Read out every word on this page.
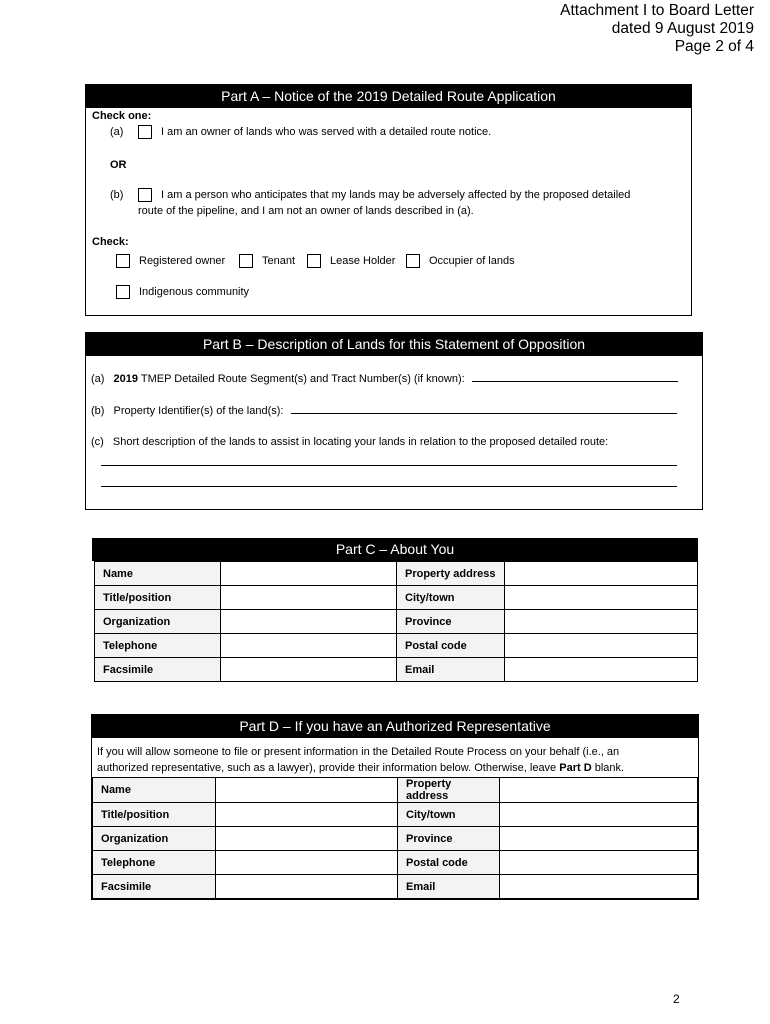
Attachment I to Board Letter
dated 9 August 2019
Page 2 of 4
Part A – Notice of the 2019 Detailed Route Application
Check one:
(a)	I am an owner of lands who was served with a detailed route notice.
OR
(b)	I am a person who anticipates that my lands may be adversely affected by the proposed detailed
route of the pipeline, and I am not an owner of lands described in (a).
Check:
Registered owner	Tenant	Lease Holder	Occupier of lands
Indigenous community
Part B – Description of Lands for this Statement of Opposition
(a) 2019 TMEP Detailed Route Segment(s) and Tract Number(s) (if known):
(b) Property Identifier(s) of the land(s):
(c) Short description of the lands to assist in locating your lands in relation to the proposed detailed route:
Part C – About You
Name		Property address	
Title/position		City/town	
Organization		Province	
Telephone		Postal code	
Facsimile		Email	
Part D – If you have an Authorized Representative
If you will allow someone to file or present information in the Detailed Route Process on your behalf (i.e., an
authorized representative, such as a lawyer), provide their information below. Otherwise, leave Part D blank.
Name		Property address	
Title/position		City/town	
Organization		Province	
Telephone		Postal code	
Facsimile		Email	
2
